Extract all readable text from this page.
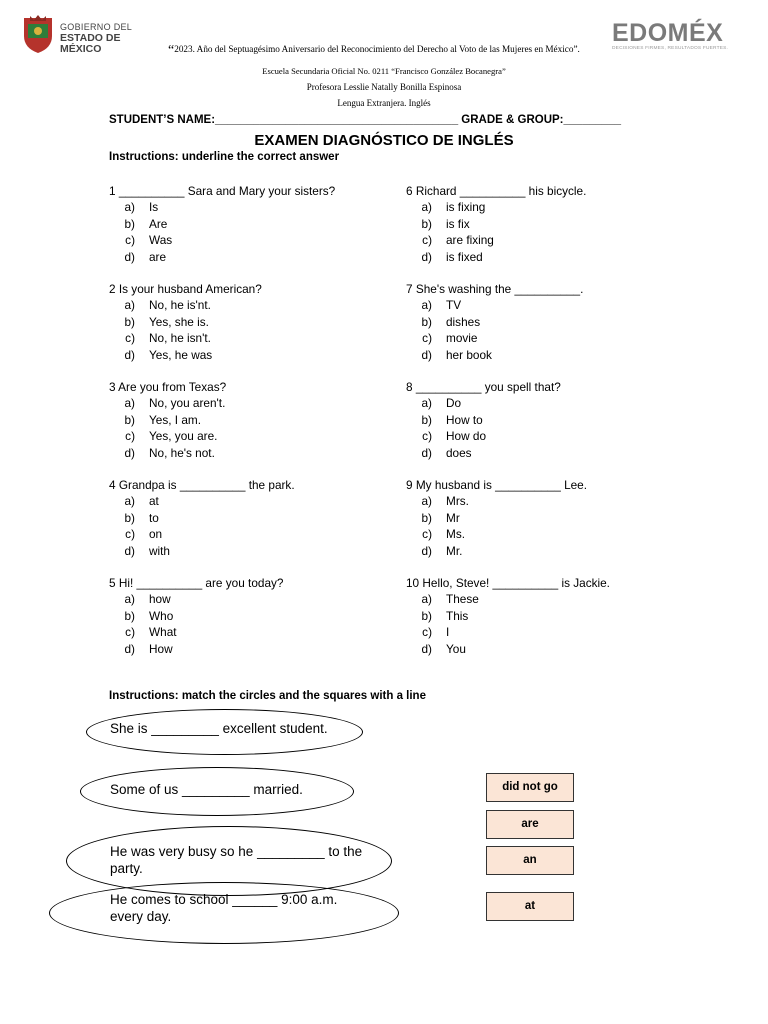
GOBIERNO DEL
ESTADO DE MÉXICO
EDOMÉX
DECISIONES FIRMES, RESULTADOS FUERTES.
“2023. Año del Septuagésimo Aniversario del Reconocimiento del Derecho al Voto de las Mujeres en México”.
Escuela Secundaria Oficial No. 0211 “Francisco González Bocanegra”
Profesora Lesslie Natally Bonilla Espinosa
Lengua Extranjera. Inglés
STUDENT’S NAME:______________________________________ GRADE & GROUP:_________
EXAMEN DIAGNÓSTICO DE INGLÉS
Instructions: underline the correct answer
1 __________ Sara and Mary your sisters?
a) Is
b) Are
c) Was
d) are
2 Is your husband American?
a) No, he is'nt.
b) Yes, she is.
c) No, he isn't.
d) Yes, he was
3 Are you from Texas?
a) No, you aren't.
b) Yes, I am.
c) Yes, you are.
d) No, he's not.
4 Grandpa is __________ the park.
a) at
b) to
c) on
d) with
5 Hi! __________ are you today?
a) how
b) Who
c) What
d) How
6 Richard __________ his bicycle.
a) is fixing
b) is fix
c) are fixing
d) is fixed
7 She's washing the __________.
a) TV
b) dishes
c) movie
d) her book
8 __________ you spell that?
a) Do
b) How to
c) How do
d) does
9 My husband is __________ Lee.
a) Mrs.
b) Mr
c) Ms.
d) Mr.
10 Hello, Steve! __________ is Jackie.
a) These
b) This
c) I
d) You
Instructions: match the circles and the squares with a line
She is _________ excellent student.
Some of us _________ married.
He was very busy so he _________ to the party.
He comes to school ______ 9:00 a.m. every day.
did not go
are
an
at
